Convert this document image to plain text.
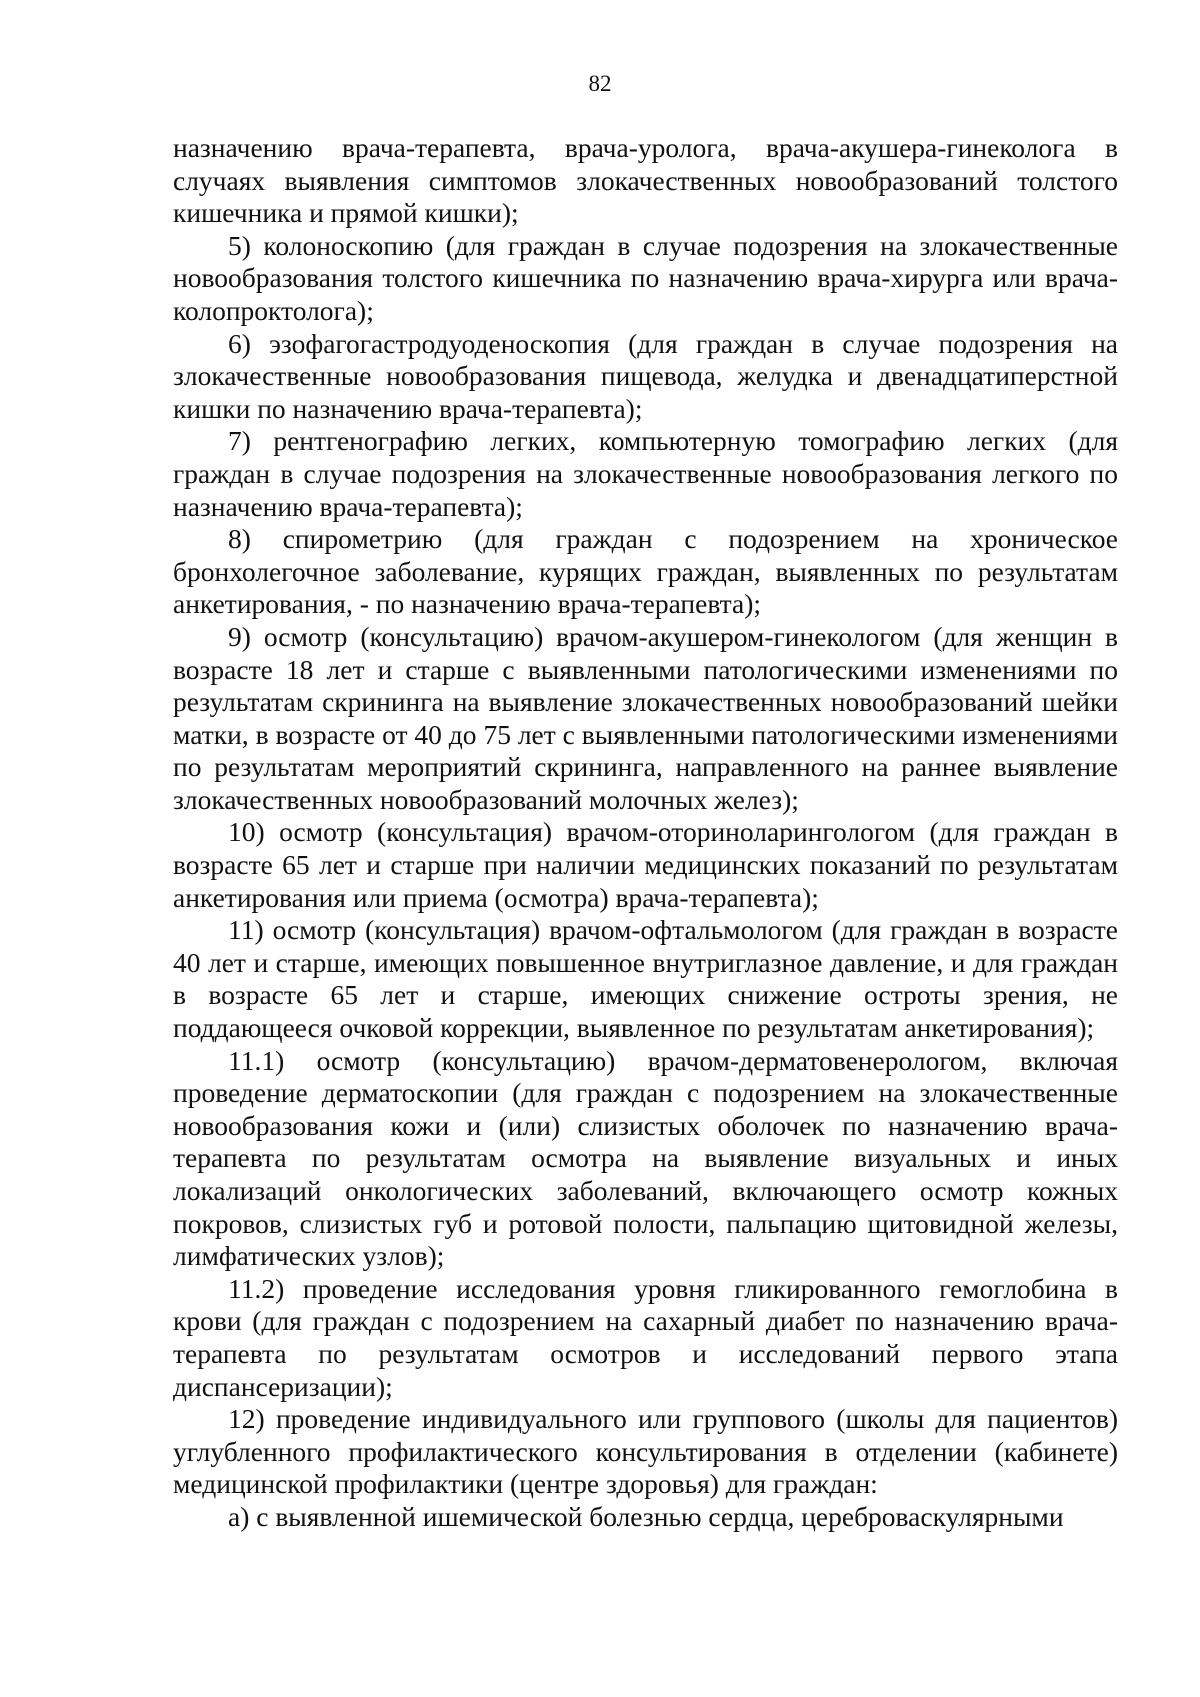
82

назначению врача-терапевта, врача-уролога, врача-акушера-гинеколога в случаях выявления симптомов злокачественных новообразований толстого кишечника и прямой кишки);

5) колоноскопию (для граждан в случае подозрения на злокачественные новообразования толстого кишечника по назначению врача-хирурга или врача-колопроктолога);

6) эзофагогастродуоденоскопия (для граждан в случае подозрения на злокачественные новообразования пищевода, желудка и двенадцатиперстной кишки по назначению врача-терапевта);

7) рентгенографию легких, компьютерную томографию легких (для граждан в случае подозрения на злокачественные новообразования легкого по назначению врача-терапевта);

8) спирометрию (для граждан с подозрением на хроническое бронхолегочное заболевание, курящих граждан, выявленных по результатам анкетирования, - по назначению врача-терапевта);

9) осмотр (консультацию) врачом-акушером-гинекологом (для женщин в возрасте 18 лет и старше с выявленными патологическими изменениями по результатам скрининга на выявление злокачественных новообразований шейки матки, в возрасте от 40 до 75 лет с выявленными патологическими изменениями по результатам мероприятий скрининга, направленного на раннее выявление злокачественных новообразований молочных желез);

10) осмотр (консультация) врачом-оториноларингологом (для граждан в возрасте 65 лет и старше при наличии медицинских показаний по результатам анкетирования или приема (осмотра) врача-терапевта);

11) осмотр (консультация) врачом-офтальмологом (для граждан в возрасте 40 лет и старше, имеющих повышенное внутриглазное давление, и для граждан в возрасте 65 лет и старше, имеющих снижение остроты зрения, не поддающееся очковой коррекции, выявленное по результатам анкетирования);

11.1) осмотр (консультацию) врачом-дерматовенерологом, включая проведение дерматоскопии (для граждан с подозрением на злокачественные новообразования кожи и (или) слизистых оболочек по назначению врача-терапевта по результатам осмотра на выявление визуальных и иных локализаций онкологических заболеваний, включающего осмотр кожных покровов, слизистых губ и ротовой полости, пальпацию щитовидной железы, лимфатических узлов);

11.2) проведение исследования уровня гликированного гемоглобина в крови (для граждан с подозрением на сахарный диабет по назначению врача-терапевта по результатам осмотров и исследований первого этапа диспансеризации);

12) проведение индивидуального или группового (школы для пациентов) углубленного профилактического консультирования в отделении (кабинете) медицинской профилактики (центре здоровья) для граждан:

а) с выявленной ишемической болезнью сердца, цереброваскулярными
